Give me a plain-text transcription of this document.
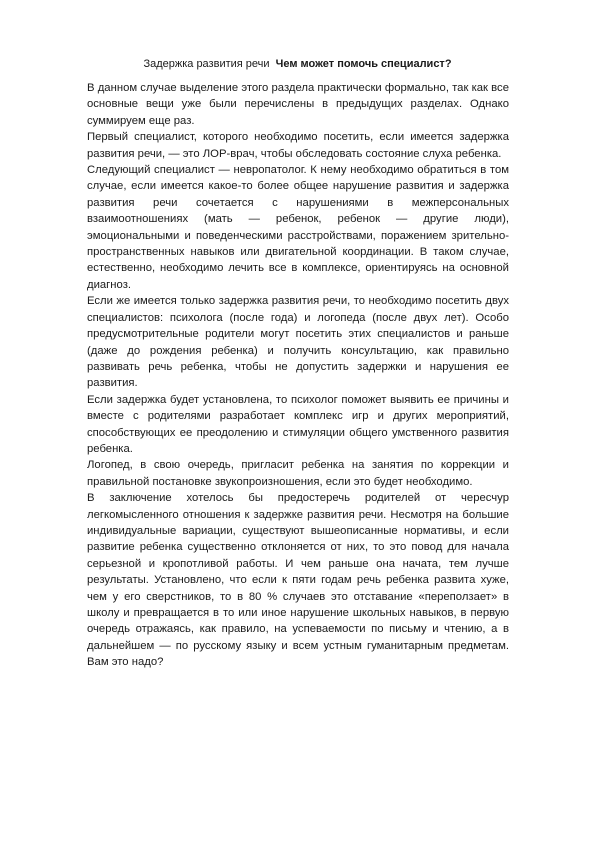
Задержка развития речи Чем может помочь специалист?

В данном случае выделение этого раздела практически формально, так как все основные вещи уже были перечислены в предыдущих разделах. Однако суммируем еще раз.

Первый специалист, которого необходимо посетить, если имеется задержка развития речи, — это ЛОР-врач, чтобы обследовать состояние слуха ребенка.

Следующий специалист — невропатолог. К нему необходимо обратиться в том случае, если имеется какое-то более общее нарушение развития и задержка развития речи сочетается с нарушениями в межперсональных взаимоотношениях (мать — ребенок, ребенок — другие люди), эмоциональными и поведенческими расстройствами, поражением зрительно-пространственных навыков или двигательной координации. В таком случае, естественно, необходимо лечить все в комплексе, ориентируясь на основной диагноз.

Если же имеется только задержка развития речи, то необходимо посетить двух специалистов: психолога (после года) и логопеда (после двух лет). Особо предусмотрительные родители могут посетить этих специалистов и раньше (даже до рождения ребенка) и получить консультацию, как правильно развивать речь ребенка, чтобы не допустить задержки и нарушения ее развития.

Если задержка будет установлена, то психолог поможет выявить ее причины и вместе с родителями разработает комплекс игр и других мероприятий, способствующих ее преодолению и стимуляции общего умственного развития ребенка.

Логопед, в свою очередь, пригласит ребенка на занятия по коррекции и правильной постановке звукопроизношения, если это будет необходимо.

В заключение хотелось бы предостеречь родителей от чересчур легкомысленного отношения к задержке развития речи. Несмотря на большие индивидуальные вариации, существуют вышеописанные нормативы, и если развитие ребенка существенно отклоняется от них, то это повод для начала серьезной и кропотливой работы. И чем раньше она начата, тем лучше результаты. Установлено, что если к пяти годам речь ребенка развита хуже, чем у его сверстников, то в 80 % случаев это отставание «переползает» в школу и превращается в то или иное нарушение школьных навыков, в первую очередь отражаясь, как правило, на успеваемости по письму и чтению, а в дальнейшем — по русскому языку и всем устным гуманитарным предметам. Вам это надо?
